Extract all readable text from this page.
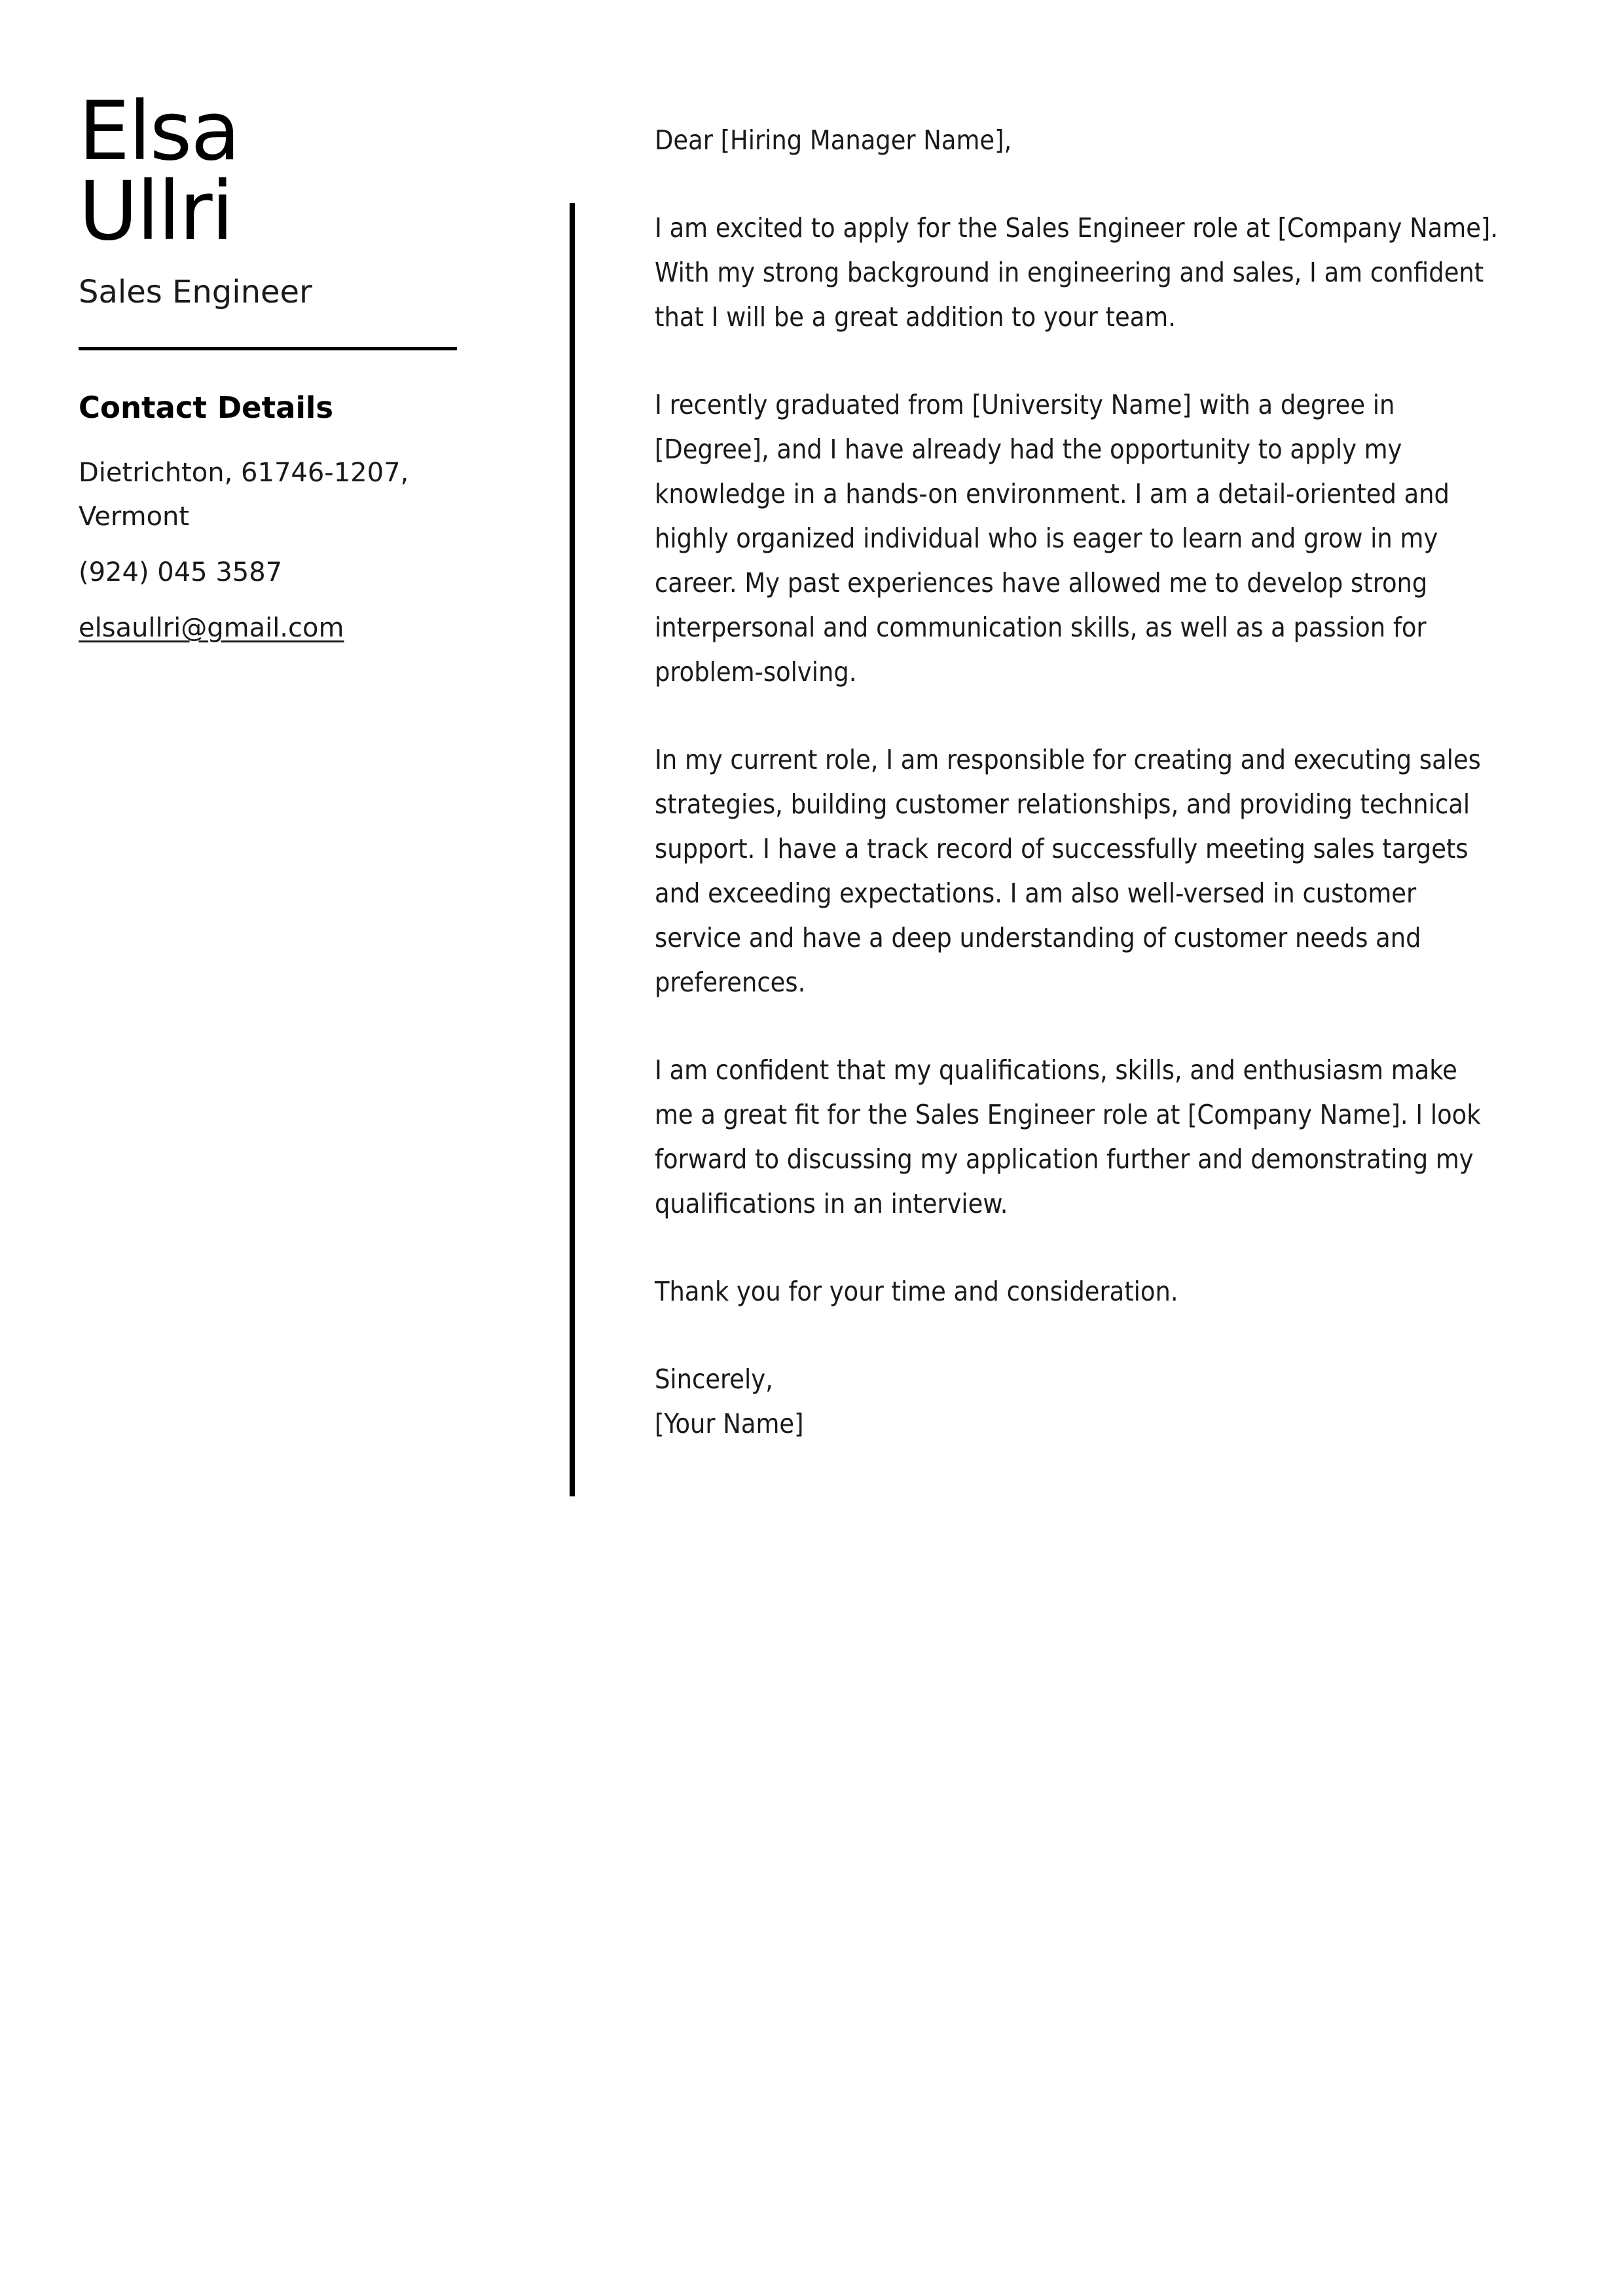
Elsa
Ullri
Sales Engineer
Contact Details
Dietrichton, 61746-1207, Vermont
(924) 045 3587
elsaullri@gmail.com

Dear [Hiring Manager Name],

I am excited to apply for the Sales Engineer role at [Company Name]. With my strong background in engineering and sales, I am confident that I will be a great addition to your team.

I recently graduated from [University Name] with a degree in [Degree], and I have already had the opportunity to apply my knowledge in a hands-on environment. I am a detail-oriented and highly organized individual who is eager to learn and grow in my career. My past experiences have allowed me to develop strong interpersonal and communication skills, as well as a passion for problem-solving.

In my current role, I am responsible for creating and executing sales strategies, building customer relationships, and providing technical support. I have a track record of successfully meeting sales targets and exceeding expectations. I am also well-versed in customer service and have a deep understanding of customer needs and preferences.

I am confident that my qualifications, skills, and enthusiasm make me a great fit for the Sales Engineer role at [Company Name]. I look forward to discussing my application further and demonstrating my qualifications in an interview.

Thank you for your time and consideration.

Sincerely,

[Your Name]
